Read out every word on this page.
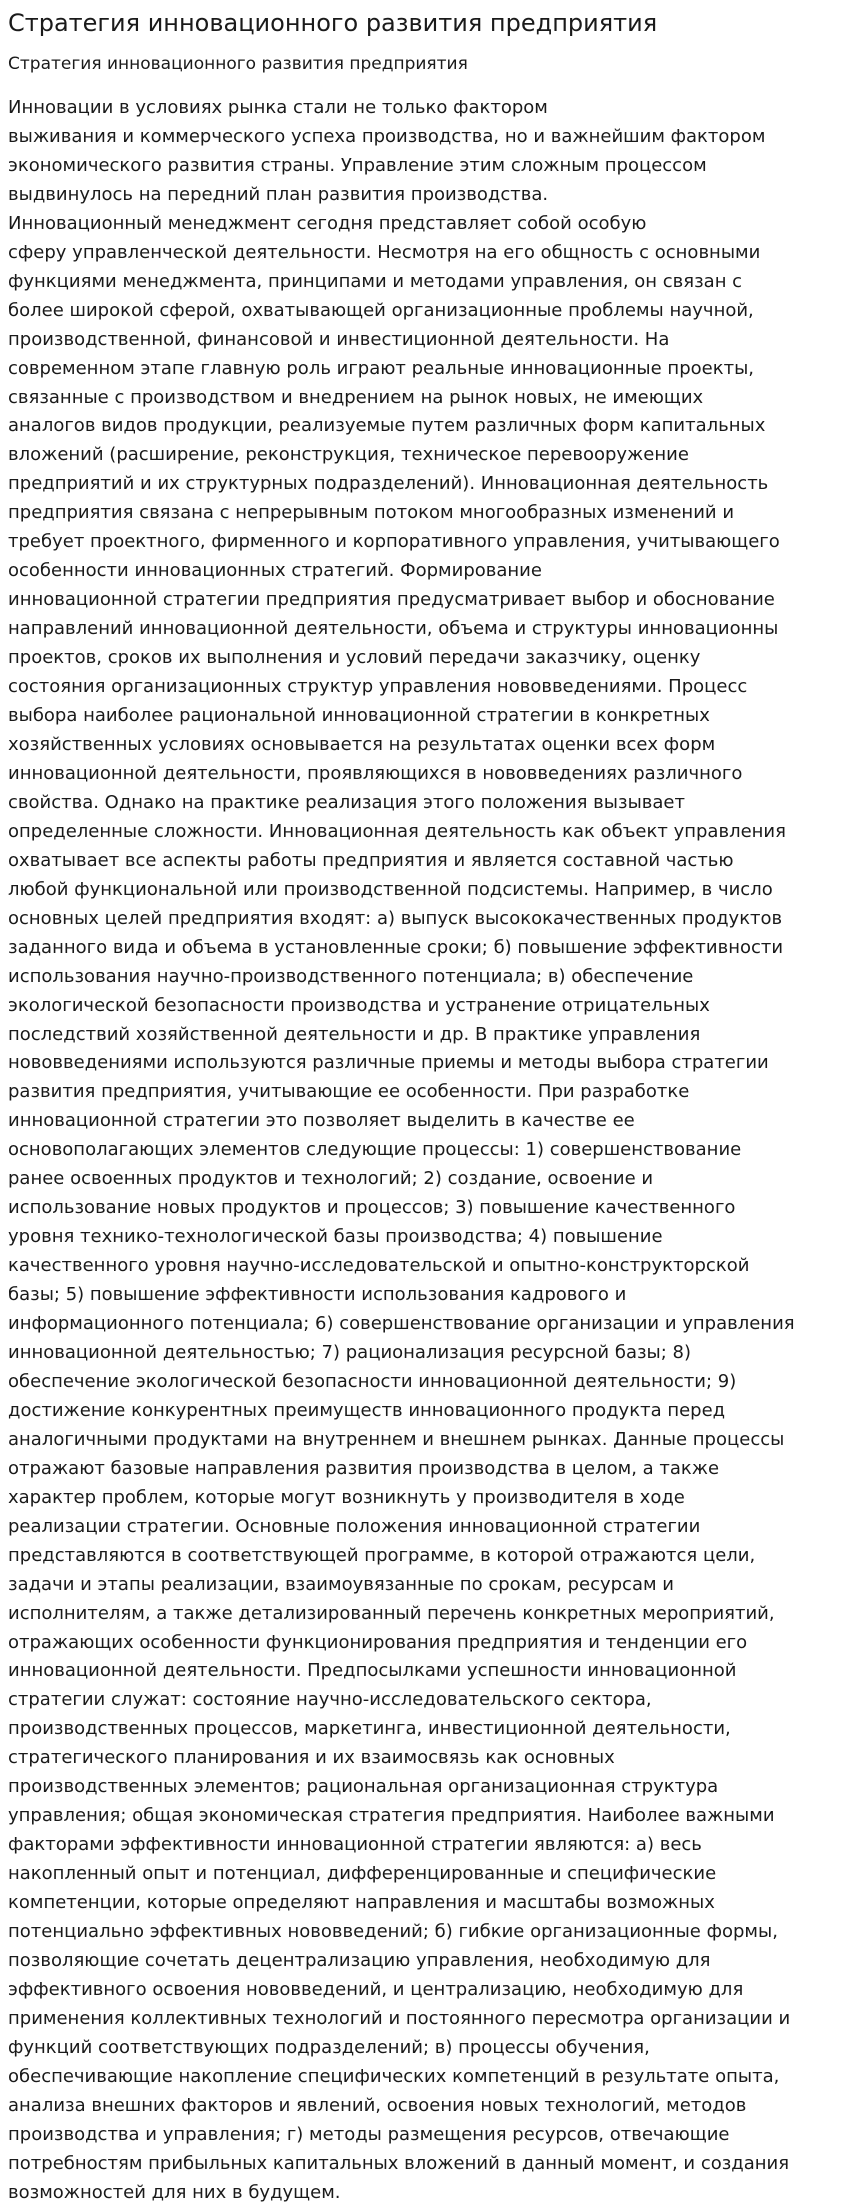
Стратегия инновационного развития предприятия
Стратегия инновационного развития предприятия
Инновации в условиях рынка стали не только фактором
выживания и коммерческого успеха производства, но и важнейшим фактором
экономического развития страны. Управление этим сложным процессом
выдвинулось на передний план развития производства.
Инновационный менеджмент сегодня представляет собой особую
сферу управленческой деятельности. Несмотря на его общность с основными
функциями менеджмента, принципами и методами управления, он связан с
более широкой сферой, охватывающей организационные проблемы научной,
производственной, финансовой и инвестиционной деятельности. На
современном этапе главную роль играют реальные инновационные проекты,
связанные с производством и внедрением на рынок новых, не имеющих
аналогов видов продукции, реализуемые путем различных форм капитальных
вложений (расширение, реконструкция, техническое перевооружение
предприятий и их структурных подразделений). Инновационная деятельность
предприятия связана с непрерывным потоком многообразных изменений и
требует проектного, фирменного и корпоративного управления, учитывающего
особенности инновационных стратегий. Формирование
инновационной стратегии предприятия предусматривает выбор и обоснование
направлений инновационной деятельности, объема и структуры инновационны
проектов, сроков их выполнения и условий передачи заказчику, оценку
состояния организационных структур управления нововведениями. Процесс
выбора наиболее рациональной инновационной стратегии в конкретных
хозяйственных условиях основывается на результатах оценки всех форм
инновационной деятельности, проявляющихся в нововведениях различного
свойства. Однако на практике реализация этого положения вызывает
определенные сложности. Инновационная деятельность как объект управления
охватывает все аспекты работы предприятия и является составной частью
любой функциональной или производственной подсистемы. Например, в число
основных целей предприятия входят: а) выпуск высококачественных продуктов
заданного вида и объема в установленные сроки; б) повышение эффективности
использования научно-производственного потенциала; в) обеспечение
экологической безопасности производства и устранение отрицательных
последствий хозяйственной деятельности и др. В практике управления
нововведениями используются различные приемы и методы выбора стратегии
развития предприятия, учитывающие ее особенности. При разработке
инновационной стратегии это позволяет выделить в качестве ее
основополагающих элементов следующие процессы: 1) совершенствование
ранее освоенных продуктов и технологий; 2) создание, освоение и
использование новых продуктов и процессов; 3) повышение качественного
уровня технико-технологической базы производства; 4) повышение
качественного уровня научно-исследовательской и опытно-конструкторской
базы; 5) повышение эффективности использования кадрового и
информационного потенциала; 6) совершенствование организации и управления
инновационной деятельностью; 7) рационализация ресурсной базы; 8)
обеспечение экологической безопасности инновационной деятельности; 9)
достижение конкурентных преимуществ инновационного продукта перед
аналогичными продуктами на внутреннем и внешнем рынках. Данные процессы
отражают базовые направления развития производства в целом, а также
характер проблем, которые могут возникнуть у производителя в ходе
реализации стратегии. Основные положения инновационной стратегии
представляются в соответствующей программе, в которой отражаются цели,
задачи и этапы реализации, взаимоувязанные по срокам, ресурсам и
исполнителям, а также детализированный перечень конкретных мероприятий,
отражающих особенности функционирования предприятия и тенденции его
инновационной деятельности. Предпосылками успешности инновационной
стратегии служат: состояние научно-исследовательского сектора,
производственных процессов, маркетинга, инвестиционной деятельности,
стратегического планирования и их взаимосвязь как основных
производственных элементов; рациональная организационная структура
управления; общая экономическая стратегия предприятия. Наиболее важными
факторами эффективности инновационной стратегии являются: а) весь
накопленный опыт и потенциал, дифференцированные и специфические
компетенции, которые определяют направления и масштабы возможных
потенциально эффективных нововведений; б) гибкие организационные формы,
позволяющие сочетать децентрализацию управления, необходимую для
эффективного освоения нововведений, и централизацию, необходимую для
применения коллективных технологий и постоянного пересмотра организации и
функций соответствующих подразделений; в) процессы обучения,
обеспечивающие накопление специфических компетенций в результате опыта,
анализа внешних факторов и явлений, освоения новых технологий, методов
производства и управления; г) методы размещения ресурсов, отвечающие
потребностям прибыльных капитальных вложений в данный момент, и создания
возможностей для них в будущем.
